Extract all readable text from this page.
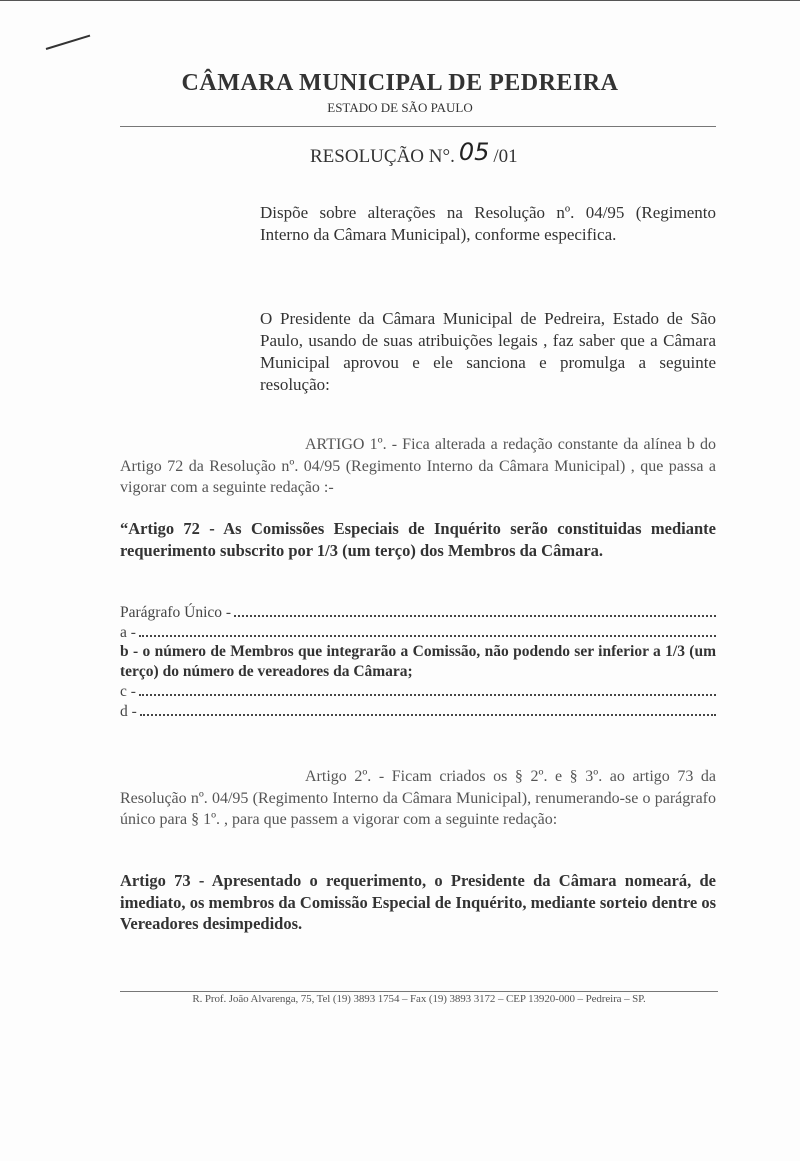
CÂMARA MUNICIPAL DE PEDREIRA
ESTADO DE SÃO PAULO
RESOLUÇÃO N°. 05 /01
Dispõe sobre alterações na Resolução nº. 04/95 (Regimento Interno da Câmara Municipal), conforme especifica.
O Presidente da Câmara Municipal de Pedreira, Estado de São Paulo, usando de suas atribuições legais , faz saber que a Câmara Municipal aprovou e ele sanciona e promulga a seguinte resolução:
ARTIGO 1º. - Fica alterada a redação constante da alínea b do Artigo 72 da Resolução nº. 04/95 (Regimento Interno da Câmara Municipal) , que passa a vigorar com a seguinte redação :-
“Artigo 72 - As Comissões Especiais de Inquérito serão constituidas mediante requerimento subscrito por 1/3 (um terço) dos Membros da Câmara.
Parágrafo Único -
a -
b - o número de Membros que integrarão a Comissão, não podendo ser inferior a 1/3 (um terço) do número de vereadores da Câmara;
c -
d -
Artigo 2º. - Ficam criados os § 2º. e § 3º. ao artigo 73 da Resolução nº. 04/95 (Regimento Interno da Câmara Municipal), renumerando-se o parágrafo único para § 1º. , para que passem a vigorar com a seguinte redação:
Artigo 73 - Apresentado o requerimento, o Presidente da Câmara nomeará, de imediato, os membros da Comissão Especial de Inquérito, mediante sorteio dentre os Vereadores desimpedidos.
R. Prof. João Alvarenga, 75, Tel (19) 3893 1754 – Fax (19) 3893 3172 – CEP 13920-000 – Pedreira – SP.
